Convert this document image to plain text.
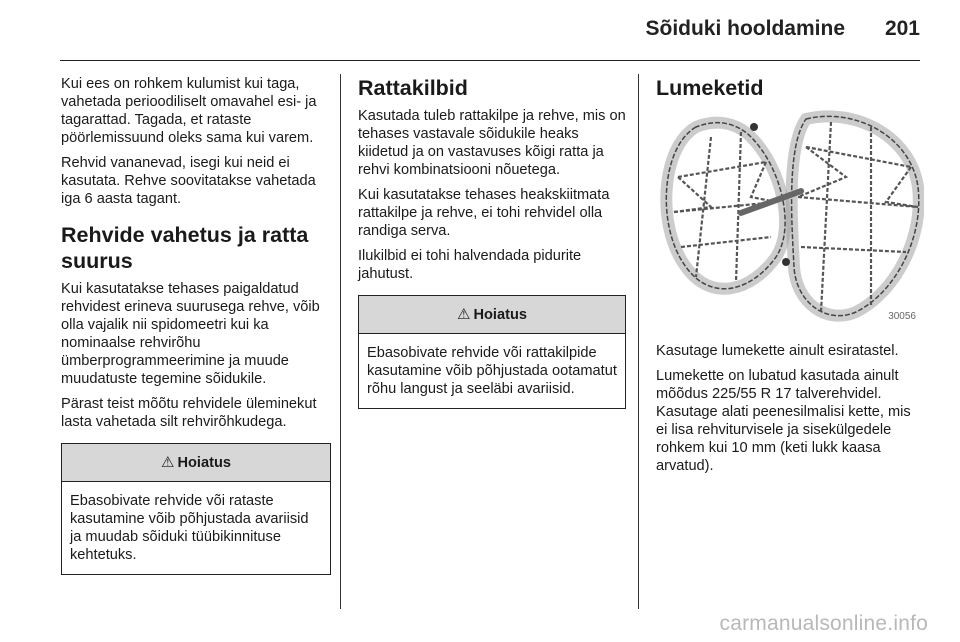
Sõiduki hooldamine 201

Kui ees on rohkem kulumist kui taga, vahetada perioodiliselt omavahel esi- ja tagarattad. Tagada, et rataste pöörlemissuund oleks sama kui varem.

Rehvid vananevad, isegi kui neid ei kasutata. Rehve soovitatakse vahetada iga 6 aasta tagant.

Rehvide vahetus ja ratta suurus

Kui kasutatakse tehases paigaldatud rehvidest erineva suurusega rehve, võib olla vajalik nii spidomeetri kui ka nominaalse rehvirõhu ümberprogrammeerimine ja muude muudatuste tegemine sõidukile.

Pärast teist mõõtu rehvidele üleminekut lasta vahetada silt rehvirõhkudega.

⚠ Hoiatus

Ebasobivate rehvide või rataste kasutamine võib põhjustada avariisid ja muudab sõiduki tüübikinnituse kehtetuks.

Rattakilbid

Kasutada tuleb rattakilpe ja rehve, mis on tehases vastavale sõidukile heaks kiidetud ja on vastavuses kõigi ratta ja rehvi kombinatsiooni nõuetega.

Kui kasutatakse tehases heakskiitmata rattakilpe ja rehve, ei tohi rehvidel olla randiga serva.

Ilukilbid ei tohi halvendada pidurite jahutust.

⚠ Hoiatus

Ebasobivate rehvide või rattakilpide kasutamine võib põhjustada ootamatut rõhu langust ja seeläbi avariisid.

Lumeketid
30056

Kasutage lumekette ainult esiratastel.

Lumekette on lubatud kasutada ainult mõõdus 225/55 R 17 talverehvidel. Kasutage alati peenesilmalisi kette, mis ei lisa rehviturvisele ja sisekülgedele rohkem kui 10 mm (keti lukk kaasa arvatud).

carmanualsonline.info
